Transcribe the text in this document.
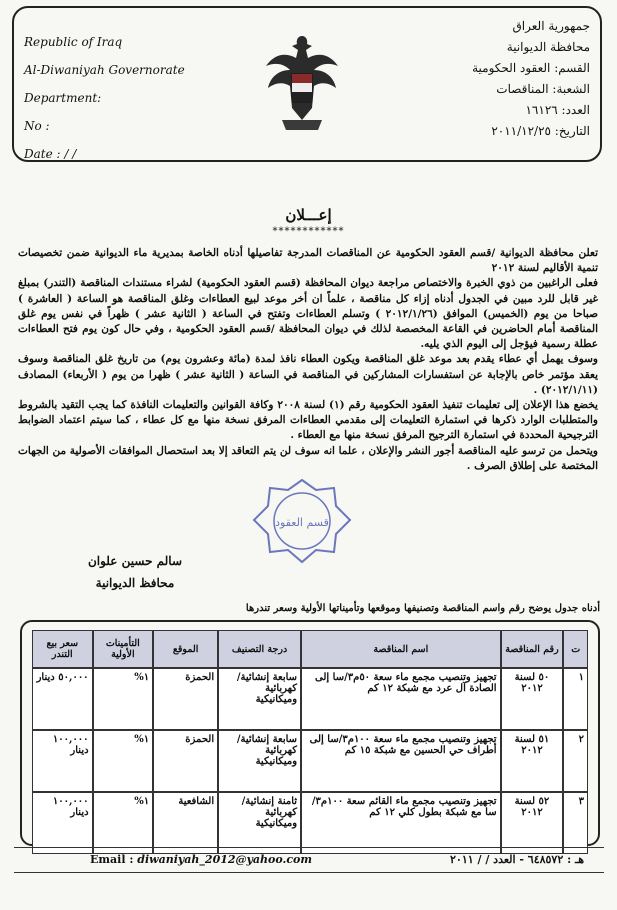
Republic of Iraq
Al-Diwaniyah Governorate
Department:
No :
Date : / /
جمهورية العراق
محافظة الديوانية
القسم: العقود الحكومية
الشعبة: المناقصات
العدد: ١٦١٢٦
التاريخ: ٢٠١١/١٢/٢٥
إعـــلان
************

تعلن محافظة الديوانية /قسم العقود الحكومية عن المناقصات المدرجة تفاصيلها أدناه الخاصة بمديرية ماء الديوانية ضمن تخصيصات تنمية الأقاليم لسنة ٢٠١٢

فعلى الراغبين من ذوي الخبرة والاختصاص مراجعة ديوان المحافظة (قسم العقود الحكومية) لشراء مستندات المناقصة (التندر) بمبلغ غير قابل للرد مبين في الجدول أدناه إزاء كل مناقصة ، علماً ان أخر موعد لبيع العطاءات وغلق المناقصة هو الساعة ( العاشرة ) صباحا من يوم (الخميس) الموافق (٢٠١٢/١/٢٦ ) وتسلم العطاءات وتفتح في الساعة ( الثانية عشر ) ظهراً في نفس يوم غلق المناقصة أمام الحاضرين في القاعة المخصصة لذلك في ديوان المحافظة /قسم العقود الحكومية ، وفي حال كون يوم فتح العطاءات عطلة رسمية فيؤجل إلى اليوم الذي يليه.

وسوف يهمل أي عطاء يقدم بعد موعد غلق المناقصة ويكون العطاء نافذ لمدة (مائة وعشرون يوم) من تاريخ غلق المناقصة وسوف يعقد مؤتمر خاص بالإجابة عن استفسارات المشاركين في المناقصة في الساعة ( الثانية عشر ) ظهرا من يوم ( الأربعاء) المصادف (٢٠١٢/١/١١) .

يخضع هذا الإعلان إلى تعليمات تنفيذ العقود الحكومية رقم (١) لسنة ٢٠٠٨ وكافة القوانين والتعليمات النافذة كما يجب التقيد بالشروط والمتطلبات الوارد ذكرها في استمارة التعليمات إلى مقدمي العطاءات المرفق نسخة منها مع كل عطاء ، كما سيتم اعتماد الضوابط الترجيحية المحددة في استمارة الترجيح المرفق نسخة منها مع العطاء .

ويتحمل من ترسو عليه المناقصة أجور النشر والإعلان ، علما انه سوف لن يتم التعاقد إلا بعد استحصال الموافقات الأصولية من الجهات المختصة على إطلاق الصرف .

قسم العقود
سالم حسين علوان
محافظ الديوانية
أدناه جدول يوضح رقم واسم المناقصة وتصنيفها وموقعها وتأميناتها الأولية وسعر تندرها
ت	رقم المناقصة	اسم المناقصة	درجة التصنيف	الموقع	التأمينات الأولية	سعر بيع التندر
١	٥٠ لسنة ٢٠١٢	تجهيز وتنصيب مجمع ماء سعة ٥٠م٣/سا إلى الصادة آل عرد مع شبكة ١٢ كم	سابعة إنشائية/ كهربائية وميكانيكية	الحمزة	١%	٥٠,٠٠٠ دينار
٢	٥١ لسنة ٢٠١٢	تجهيز وتنصيب مجمع ماء سعة ١٠٠م٣/سا إلى أطراف حي الحسين مع شبكة ١٥ كم	سابعة إنشائية/ كهربائية وميكانيكية	الحمزة	١%	١٠٠,٠٠٠ دينار
٣	٥٢ لسنة ٢٠١٢	تجهيز وتنصيب مجمع ماء القائم سعة ١٠٠م٣/سا مع شبكة بطول كلي ١٢ كم	ثامنة إنشائية/ كهربائية وميكانيكية	الشافعية	١%	١٠٠,٠٠٠ دينار
Email : diwaniyah_2012@yahoo.com	هـ : ٦٤٨٥٧٢ - العدد / / ٢٠١١
